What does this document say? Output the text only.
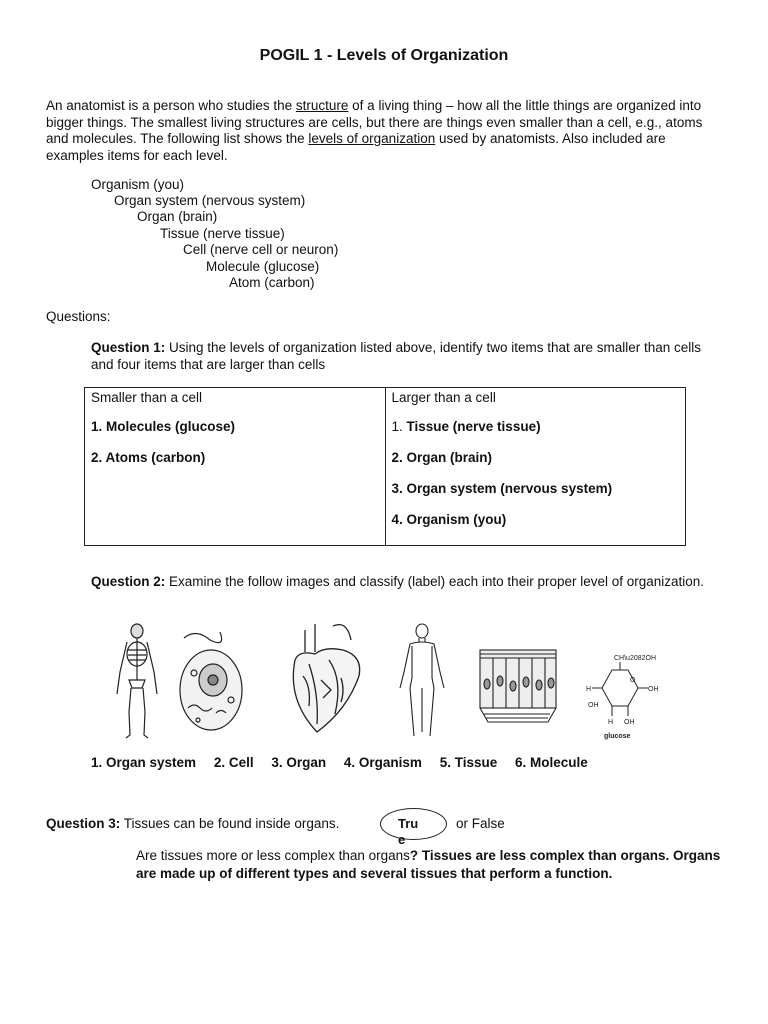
POGIL 1 - Levels of Organization
An anatomist is a person who studies the structure of a living thing – how all the little things are organized into bigger things. The smallest living structures are cells, but there are things even smaller than a cell, e.g., atoms and molecules. The following list shows the levels of organization used by anatomists. Also included are examples items for each level.
Organism (you)
Organ system (nervous system)
Organ (brain)
Tissue (nerve tissue)
Cell (nerve cell or neuron)
Molecule (glucose)
Atom (carbon)
Questions:
Question 1: Using the levels of organization listed above, identify two items that are smaller than cells and four items that are larger than cells
Smaller than a cell
1. Molecules (glucose)
2. Atoms (carbon)

Larger than a cell
1. Tissue (nerve tissue)
2. Organ (brain)
3. Organ system (nervous system)
4. Organism (you)
Question 2: Examine the follow images and classify (label) each into their proper level of organization.
CH\u2082OH
O
OH
H
OH
OH
H
glucose
1. Organ system 2. Cell 3. Organ 4. Organism 5. Tissue 6. Molecule
Question 3: Tissues can be found inside organs.	True
or False
Are tissues more or less complex than organs? Tissues are less complex than organs. Organs are made up of different types and several tissues that perform a function.
